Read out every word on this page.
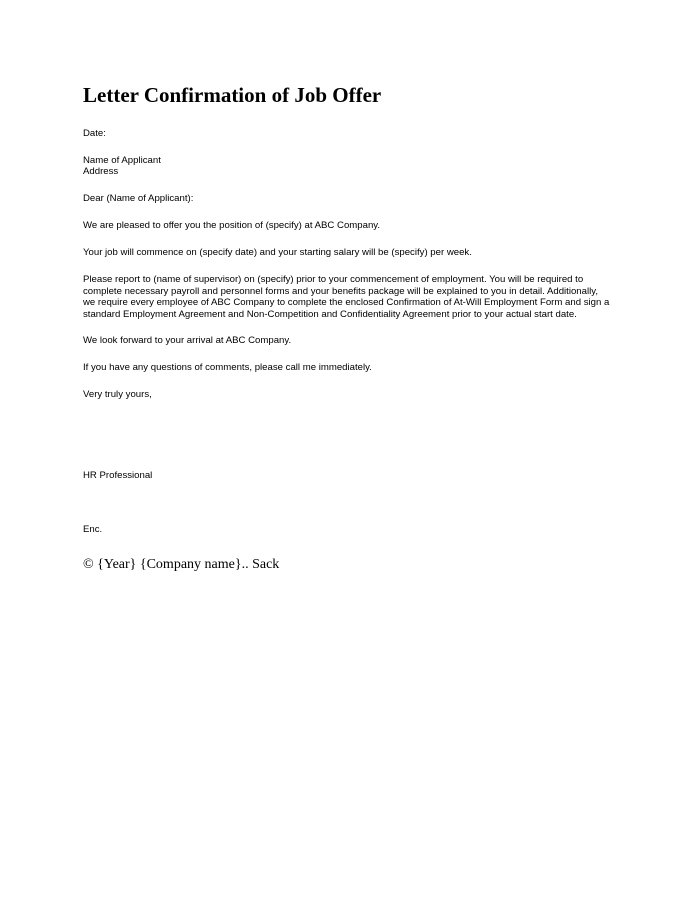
Letter Confirmation of Job Offer
Date:
Name of Applicant
Address
Dear (Name of Applicant):
We are pleased to offer you the position of (specify) at ABC Company.
Your job will commence on (specify date) and your starting salary will be (specify) per week.
Please report to (name of supervisor) on (specify) prior to your commencement of employment. You will be required to
complete necessary payroll and personnel forms and your benefits package will be explained to you in detail. Additionally,
we require every employee of ABC Company to complete the enclosed Confirmation of At-Will Employment Form and sign a
standard Employment Agreement and Non-Competition and Confidentiality Agreement prior to your actual start date.
We look forward to your arrival at ABC Company.
If you have any questions of comments, please call me immediately.
Very truly yours,
HR Professional
Enc.
© {Year} {Company name}.. Sack
